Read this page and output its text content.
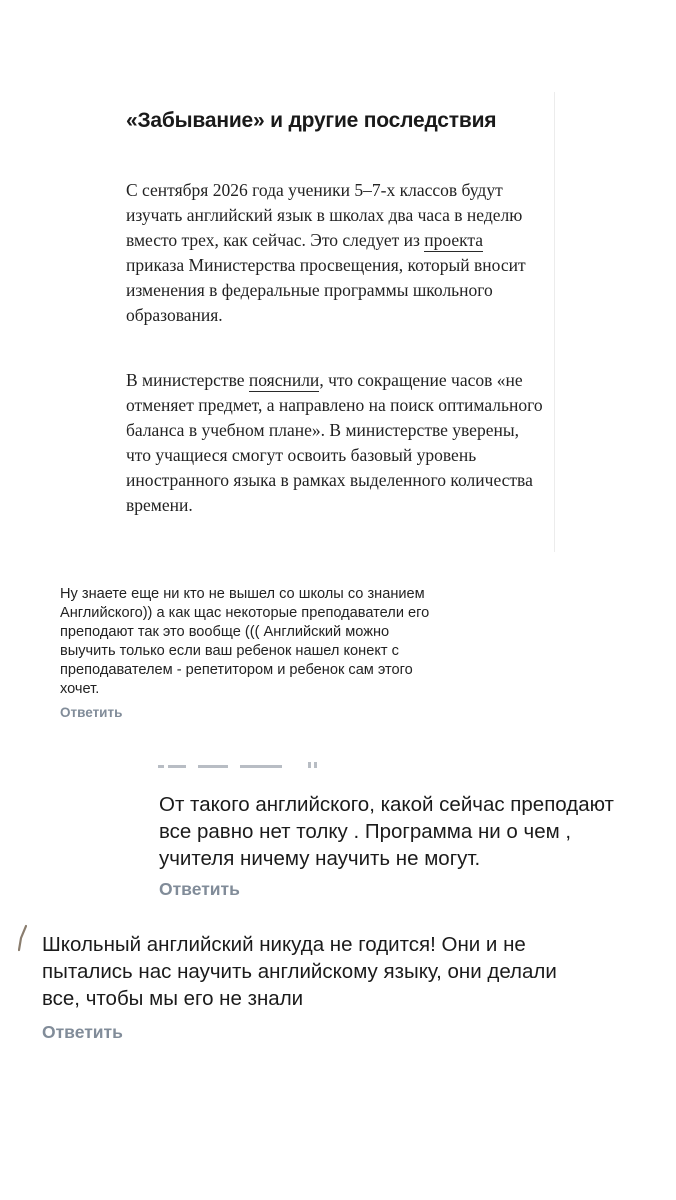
«Забывание» и другие последствия

С сентября 2026 года ученики 5–7-х классов будут изучать английский язык в школах два часа в неделю вместо трех, как сейчас. Это следует из проекта приказа Министерства просвещения, который вносит изменения в федеральные программы школьного образования.

В министерстве пояснили, что сокращение часов «не отменяет предмет, а направлено на поиск оптимального баланса в учебном плане». В министерстве уверены, что учащиеся смогут освоить базовый уровень иностранного языка в рамках выделенного количества времени.

Ну знаете еще ни кто не вышел со школы со знанием Английского)) а как щас некоторые преподаватели его преподают так это вообще ((( Английский можно выучить только если ваш ребенок нашел конект с преподавателем - репетитором и ребенок сам этого хочет.

Ответить

От такого английского, какой сейчас преподают все равно нет толку . Программа ни о чем , учителя ничему научить не могут.

Ответить

Школьный английский никуда не годится! Они и не пытались нас научить английскому языку, они делали все, чтобы мы его не знали

Ответить
